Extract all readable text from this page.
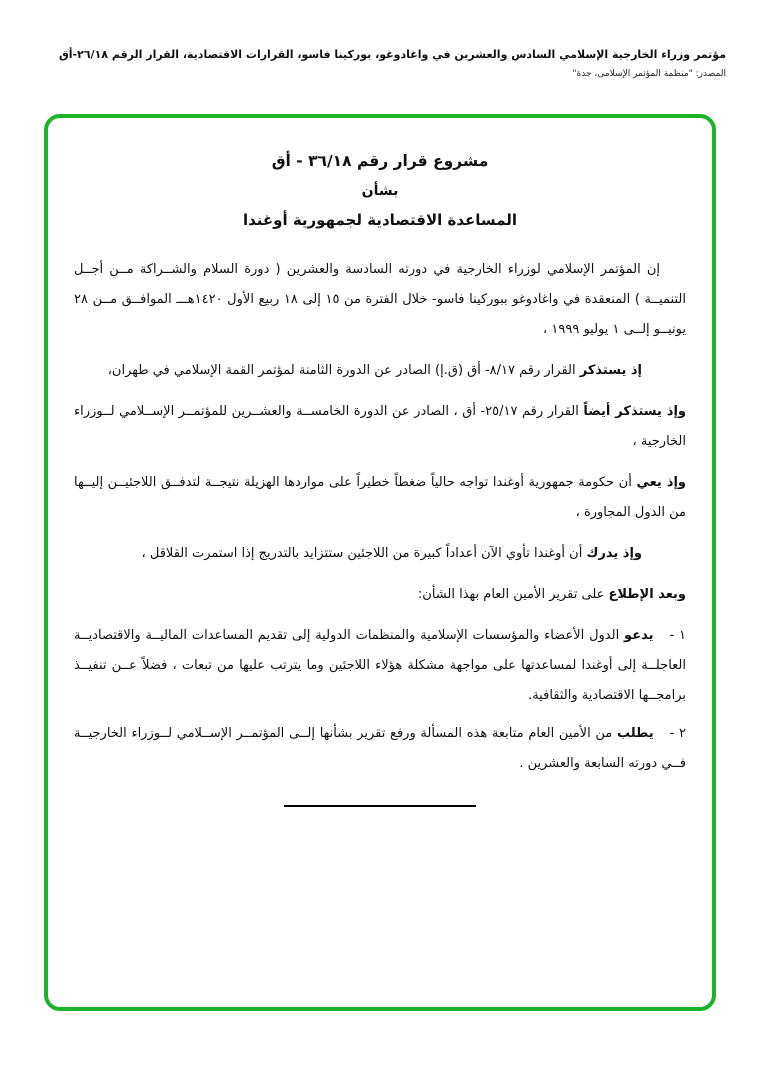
مؤتمر وزراء الخارجية الإسلامي السادس والعشرين في واغادوغو، بوركينا فاسو، القرارات الاقتصادية، القرار الرقم ٢٦/١٨-أق
المصدر: "منظمة المؤتمر الإسلامى، جدة"
مشروع قرار رقم ٣٦/١٨ - أق
بشأن
المساعدة الاقتصادية لجمهورية أوغندا

إن المؤتمر الإسلامي لوزراء الخارجية في دورته السادسة والعشرين ( دورة السلام والشــراكة مــن أجــل التنميــة ) المنعقدة في واغادوغو ببوركينا فاسو- خلال الفترة من ١٥ إلى ١٨ ربيع الأول ١٤٢٠هـــ الموافــق مــن ٢٨ يونيــو إلــى ١ يوليو ١٩٩٩ ،

إذ يستذكر القرار رقم ٨/١٧- أق (ق.إ) الصادر عن الدورة الثامنة لمؤتمر القمة الإسلامي في طهران،

وإذ يستذكر أيضاً القرار رقم ٢٥/١٧- أق ، الصادر عن الدورة الخامســة والعشــرين للمؤتمــر الإســلامي لــوزراء الخارجية ،

وإذ يعي أن حكومة جمهورية أوغندا تواجه حالياً ضغطاً خطيراً على مواردها الهزيلة نتيجــة لتدفــق اللاجئيــن إليــها من الدول المجاورة ،

وإذ يدرك أن أوغندا تأوي الآن أعداداً كبيرة من اللاجئين ستتزايد بالتدريج إذا استمرت القلاقل ،

وبعد الإطلاع على تقرير الأمين العام بهذا الشأن:

١ -يدعو الدول الأعضاء والمؤسسات الإسلامية والمنظمات الدولية إلى تقديم المساعدات الماليــة والاقتصاديــة العاجلــة إلى أوغندا لمساعدتها على مواجهة مشكلة هؤلاء اللاجئين وما يترتب عليها من تبعات ، فضلاً عــن تنفيــذ برامجــها الاقتصادية والثقافية.

٢ -يطلب من الأمين العام متابعة هذه المسألة ورفع تقرير بشأنها إلــى المؤتمــر الإســلامي لــوزراء الخارجيــة فــي دورته السابعة والعشرين .
